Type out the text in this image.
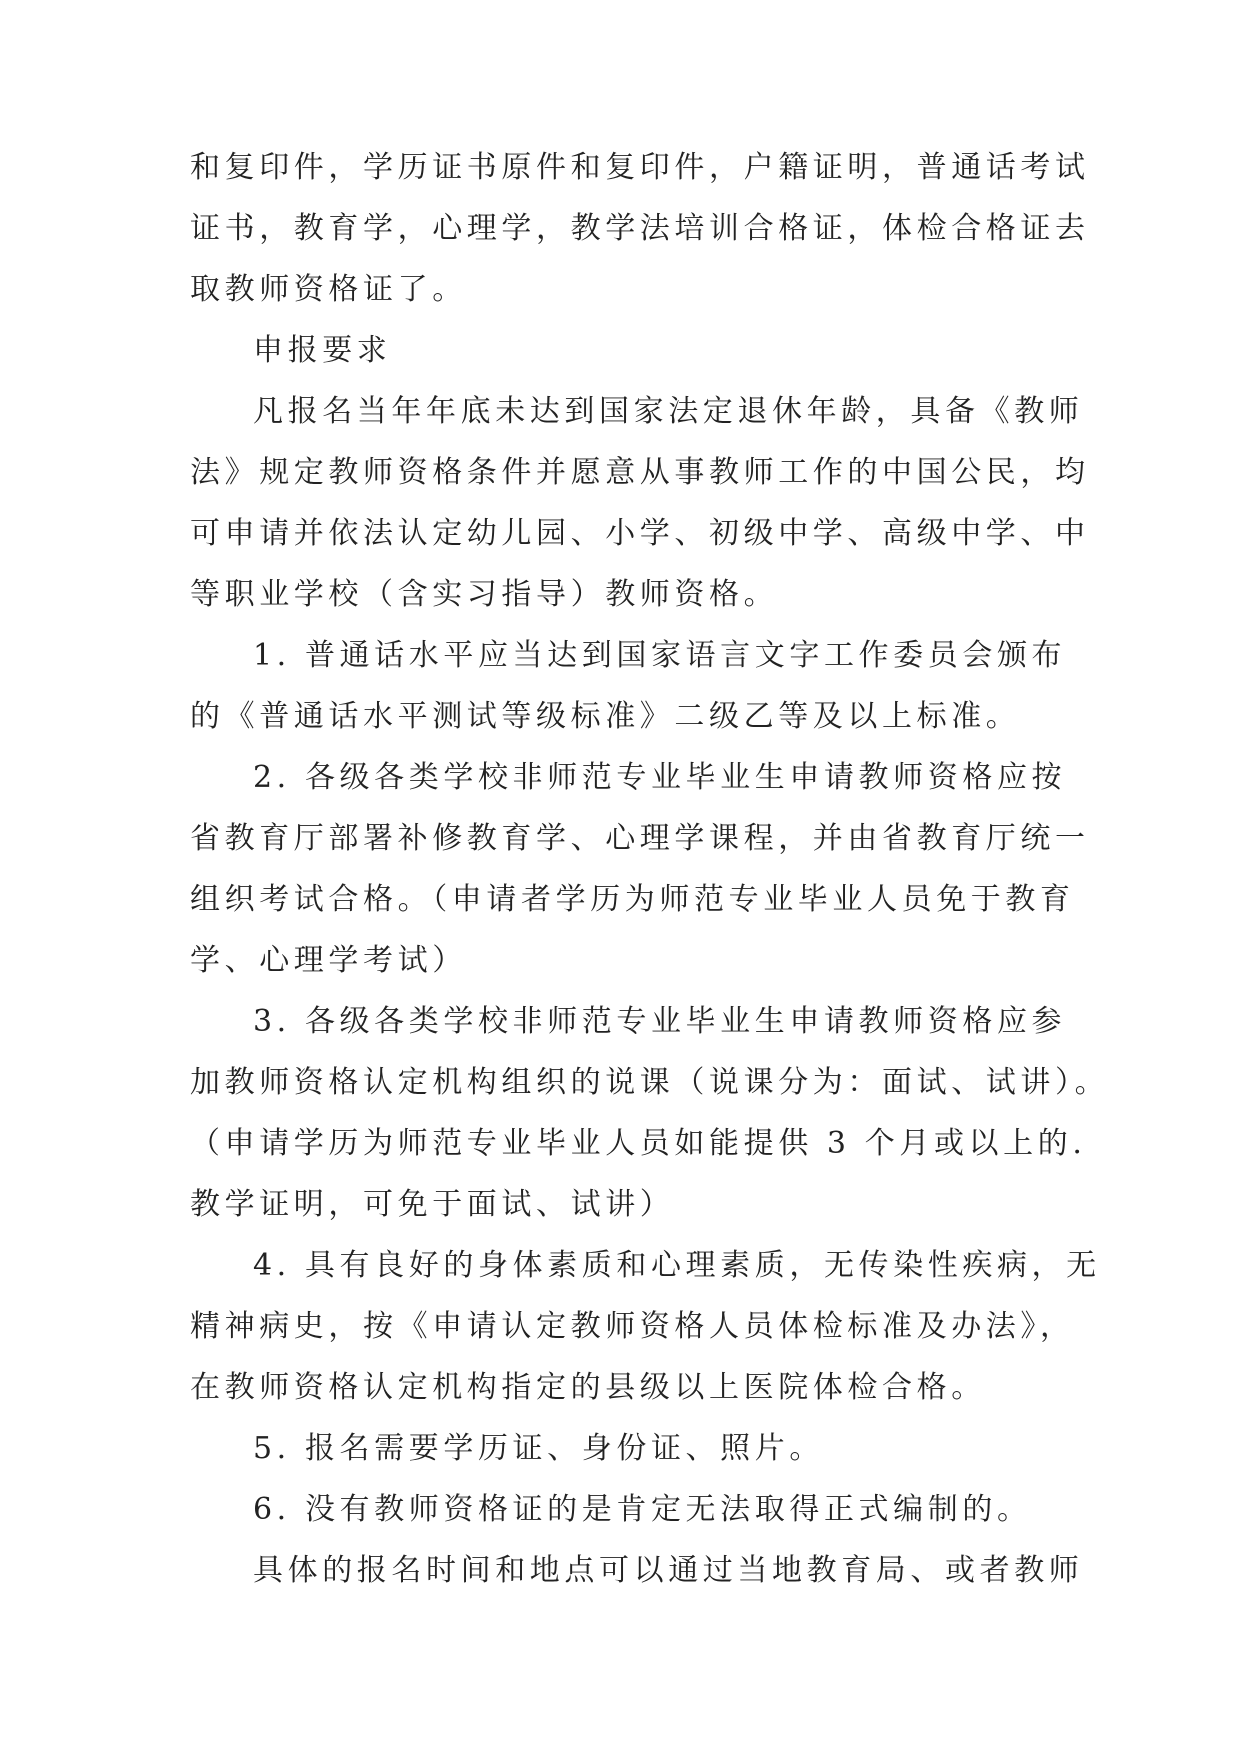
和复印件，学历证书原件和复印件，户籍证明，普通话考试
证书，教育学，心理学，教学法培训合格证，体检合格证去
取教师资格证了。
申报要求
凡报名当年年底未达到国家法定退休年龄，具备《教师
法》规定教师资格条件并愿意从事教师工作的中国公民，均
可申请并依法认定幼儿园、小学、初级中学、高级中学、中
等职业学校（含实习指导）教师资格。
1. 普通话水平应当达到国家语言文字工作委员会颁布
的《普通话水平测试等级标准》二级乙等及以上标准。
2. 各级各类学校非师范专业毕业生申请教师资格应按
省教育厅部署补修教育学、心理学课程，并由省教育厅统一
组织考试合格。（申请者学历为师范专业毕业人员免于教育
学、心理学考试）
3. 各级各类学校非师范专业毕业生申请教师资格应参
加教师资格认定机构组织的说课（说课分为：面试、试讲）。
（申请学历为师范专业毕业人员如能提供 3 个月或以上的.
教学证明，可免于面试、试讲）
4. 具有良好的身体素质和心理素质，无传染性疾病，无
精神病史，按《申请认定教师资格人员体检标准及办法》，
在教师资格认定机构指定的县级以上医院体检合格。
5. 报名需要学历证、身份证、照片。
6. 没有教师资格证的是肯定无法取得正式编制的。
具体的报名时间和地点可以通过当地教育局、或者教师
